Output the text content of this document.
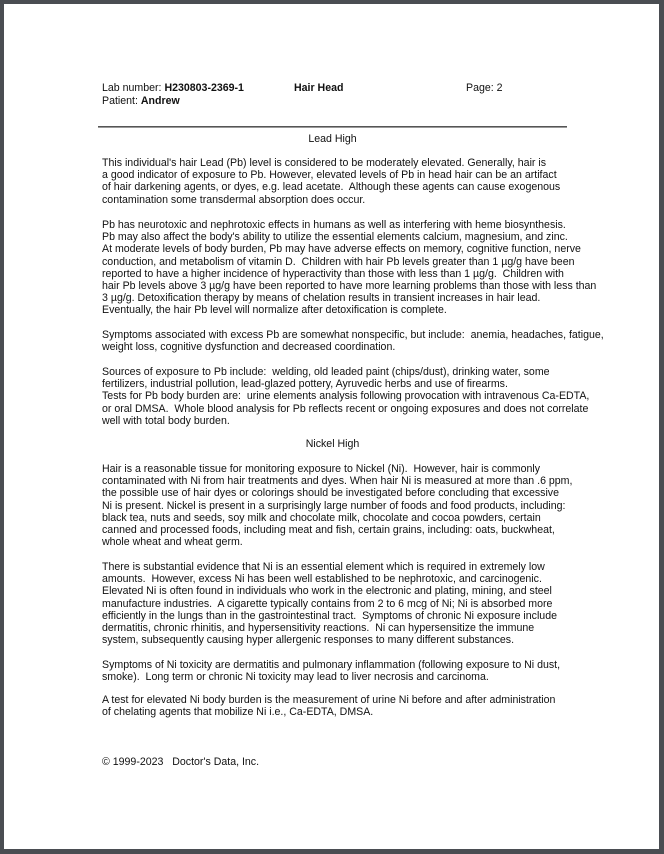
Lab number: H230803-2369-1	Hair Head	Page: 2
Patient: Andrew
Lead High
This individual's hair Lead (Pb) level is considered to be moderately elevated. Generally, hair is
a good indicator of exposure to Pb. However, elevated levels of Pb in head hair can be an artifact
of hair darkening agents, or dyes, e.g. lead acetate.  Although these agents can cause exogenous
contamination some transdermal absorption does occur.
Pb has neurotoxic and nephrotoxic effects in humans as well as interfering with heme biosynthesis.
Pb may also affect the body's ability to utilize the essential elements calcium, magnesium, and zinc.
At moderate levels of body burden, Pb may have adverse effects on memory, cognitive function, nerve
conduction, and metabolism of vitamin D.  Children with hair Pb levels greater than 1 µg/g have been
reported to have a higher incidence of hyperactivity than those with less than 1 µg/g.  Children with
hair Pb levels above 3 µg/g have been reported to have more learning problems than those with less than
3 µg/g. Detoxification therapy by means of chelation results in transient increases in hair lead.
Eventually, the hair Pb level will normalize after detoxification is complete.
Symptoms associated with excess Pb are somewhat nonspecific, but include:  anemia, headaches, fatigue,
weight loss, cognitive dysfunction and decreased coordination.
Sources of exposure to Pb include:  welding, old leaded paint (chips/dust), drinking water, some
fertilizers, industrial pollution, lead-glazed pottery, Ayruvedic herbs and use of firearms.
Tests for Pb body burden are:  urine elements analysis following provocation with intravenous Ca-EDTA,
or oral DMSA.  Whole blood analysis for Pb reflects recent or ongoing exposures and does not correlate
well with total body burden.
Nickel High
Hair is a reasonable tissue for monitoring exposure to Nickel (Ni).  However, hair is commonly
contaminated with Ni from hair treatments and dyes. When hair Ni is measured at more than .6 ppm,
the possible use of hair dyes or colorings should be investigated before concluding that excessive
Ni is present. Nickel is present in a surprisingly large number of foods and food products, including:
black tea, nuts and seeds, soy milk and chocolate milk, chocolate and cocoa powders, certain
canned and processed foods, including meat and fish, certain grains, including: oats, buckwheat,
whole wheat and wheat germ.
There is substantial evidence that Ni is an essential element which is required in extremely low
amounts.  However, excess Ni has been well established to be nephrotoxic, and carcinogenic.
Elevated Ni is often found in individuals who work in the electronic and plating, mining, and steel
manufacture industries.  A cigarette typically contains from 2 to 6 mcg of Ni; Ni is absorbed more
efficiently in the lungs than in the gastrointestinal tract.  Symptoms of chronic Ni exposure include
dermatitis, chronic rhinitis, and hypersensitivity reactions.  Ni can hypersensitize the immune
system, subsequently causing hyper allergenic responses to many different substances.
Symptoms of Ni toxicity are dermatitis and pulmonary inflammation (following exposure to Ni dust,
smoke).  Long term or chronic Ni toxicity may lead to liver necrosis and carcinoma.
A test for elevated Ni body burden is the measurement of urine Ni before and after administration
of chelating agents that mobilize Ni i.e., Ca-EDTA, DMSA.
© 1999-2023   Doctor's Data, Inc.
